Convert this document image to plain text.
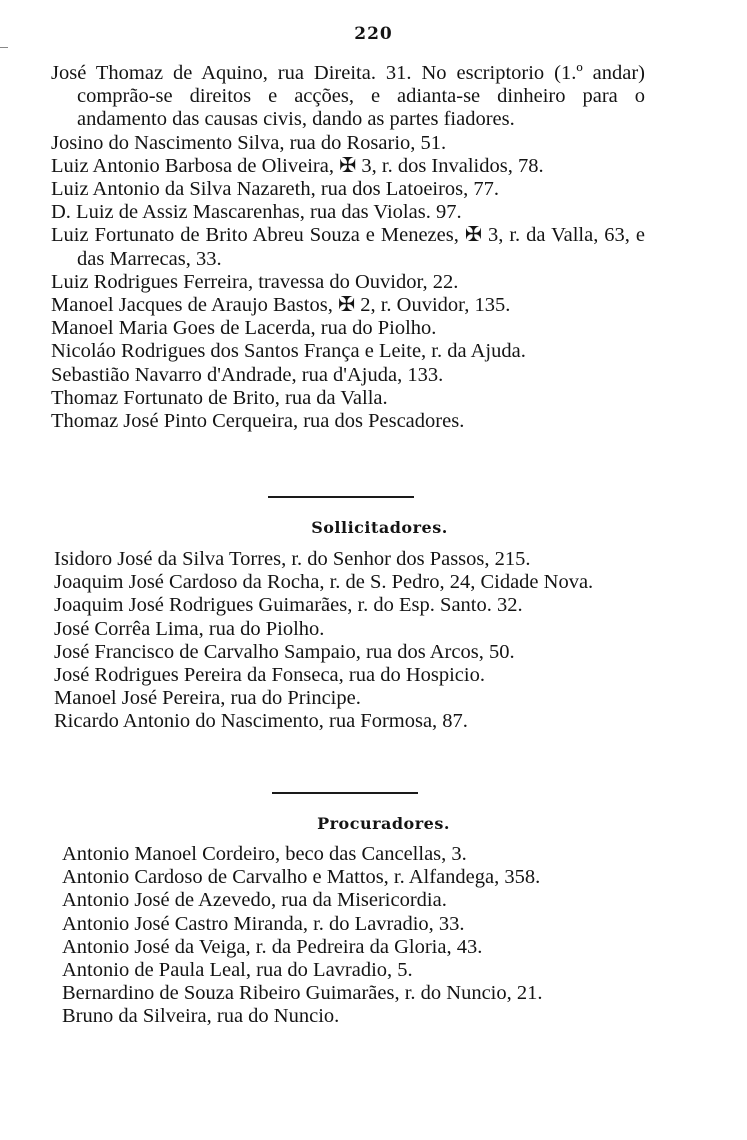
220

José Thomaz de Aquino, rua Direita. 31. No escriptorio (1.º andar) comprão-se direitos e acções, e adianta-se dinheiro para o andamento das causas civis, dando as partes fiadores.

Josino do Nascimento Silva, rua do Rosario, 51.

Luiz Antonio Barbosa de Oliveira, ✠ 3, r. dos Invalidos, 78.

Luiz Antonio da Silva Nazareth, rua dos Latoeiros, 77.

D. Luiz de Assiz Mascarenhas, rua das Violas. 97.

Luiz Fortunato de Brito Abreu Souza e Menezes, ✠ 3, r. da Valla, 63, e das Marrecas, 33.

Luiz Rodrigues Ferreira, travessa do Ouvidor, 22.

Manoel Jacques de Araujo Bastos, ✠ 2, r. Ouvidor, 135.

Manoel Maria Goes de Lacerda, rua do Piolho.

Nicoláo Rodrigues dos Santos França e Leite, r. da Ajuda.

Sebastião Navarro d'Andrade, rua d'Ajuda, 133.

Thomaz Fortunato de Brito, rua da Valla.

Thomaz José Pinto Cerqueira, rua dos Pescadores.

Sollicitadores.

Isidoro José da Silva Torres, r. do Senhor dos Passos, 215.

Joaquim José Cardoso da Rocha, r. de S. Pedro, 24, Cidade Nova.

Joaquim José Rodrigues Guimarães, r. do Esp. Santo. 32.

José Corrêa Lima, rua do Piolho.

José Francisco de Carvalho Sampaio, rua dos Arcos, 50.

José Rodrigues Pereira da Fonseca, rua do Hospicio.

Manoel José Pereira, rua do Principe.

Ricardo Antonio do Nascimento, rua Formosa, 87.

Procuradores.

Antonio Manoel Cordeiro, beco das Cancellas, 3.

Antonio Cardoso de Carvalho e Mattos, r. Alfandega, 358.

Antonio José de Azevedo, rua da Misericordia.

Antonio José Castro Miranda, r. do Lavradio, 33.

Antonio José da Veiga, r. da Pedreira da Gloria, 43.

Antonio de Paula Leal, rua do Lavradio, 5.

Bernardino de Souza Ribeiro Guimarães, r. do Nuncio, 21.

Bruno da Silveira, rua do Nuncio.
